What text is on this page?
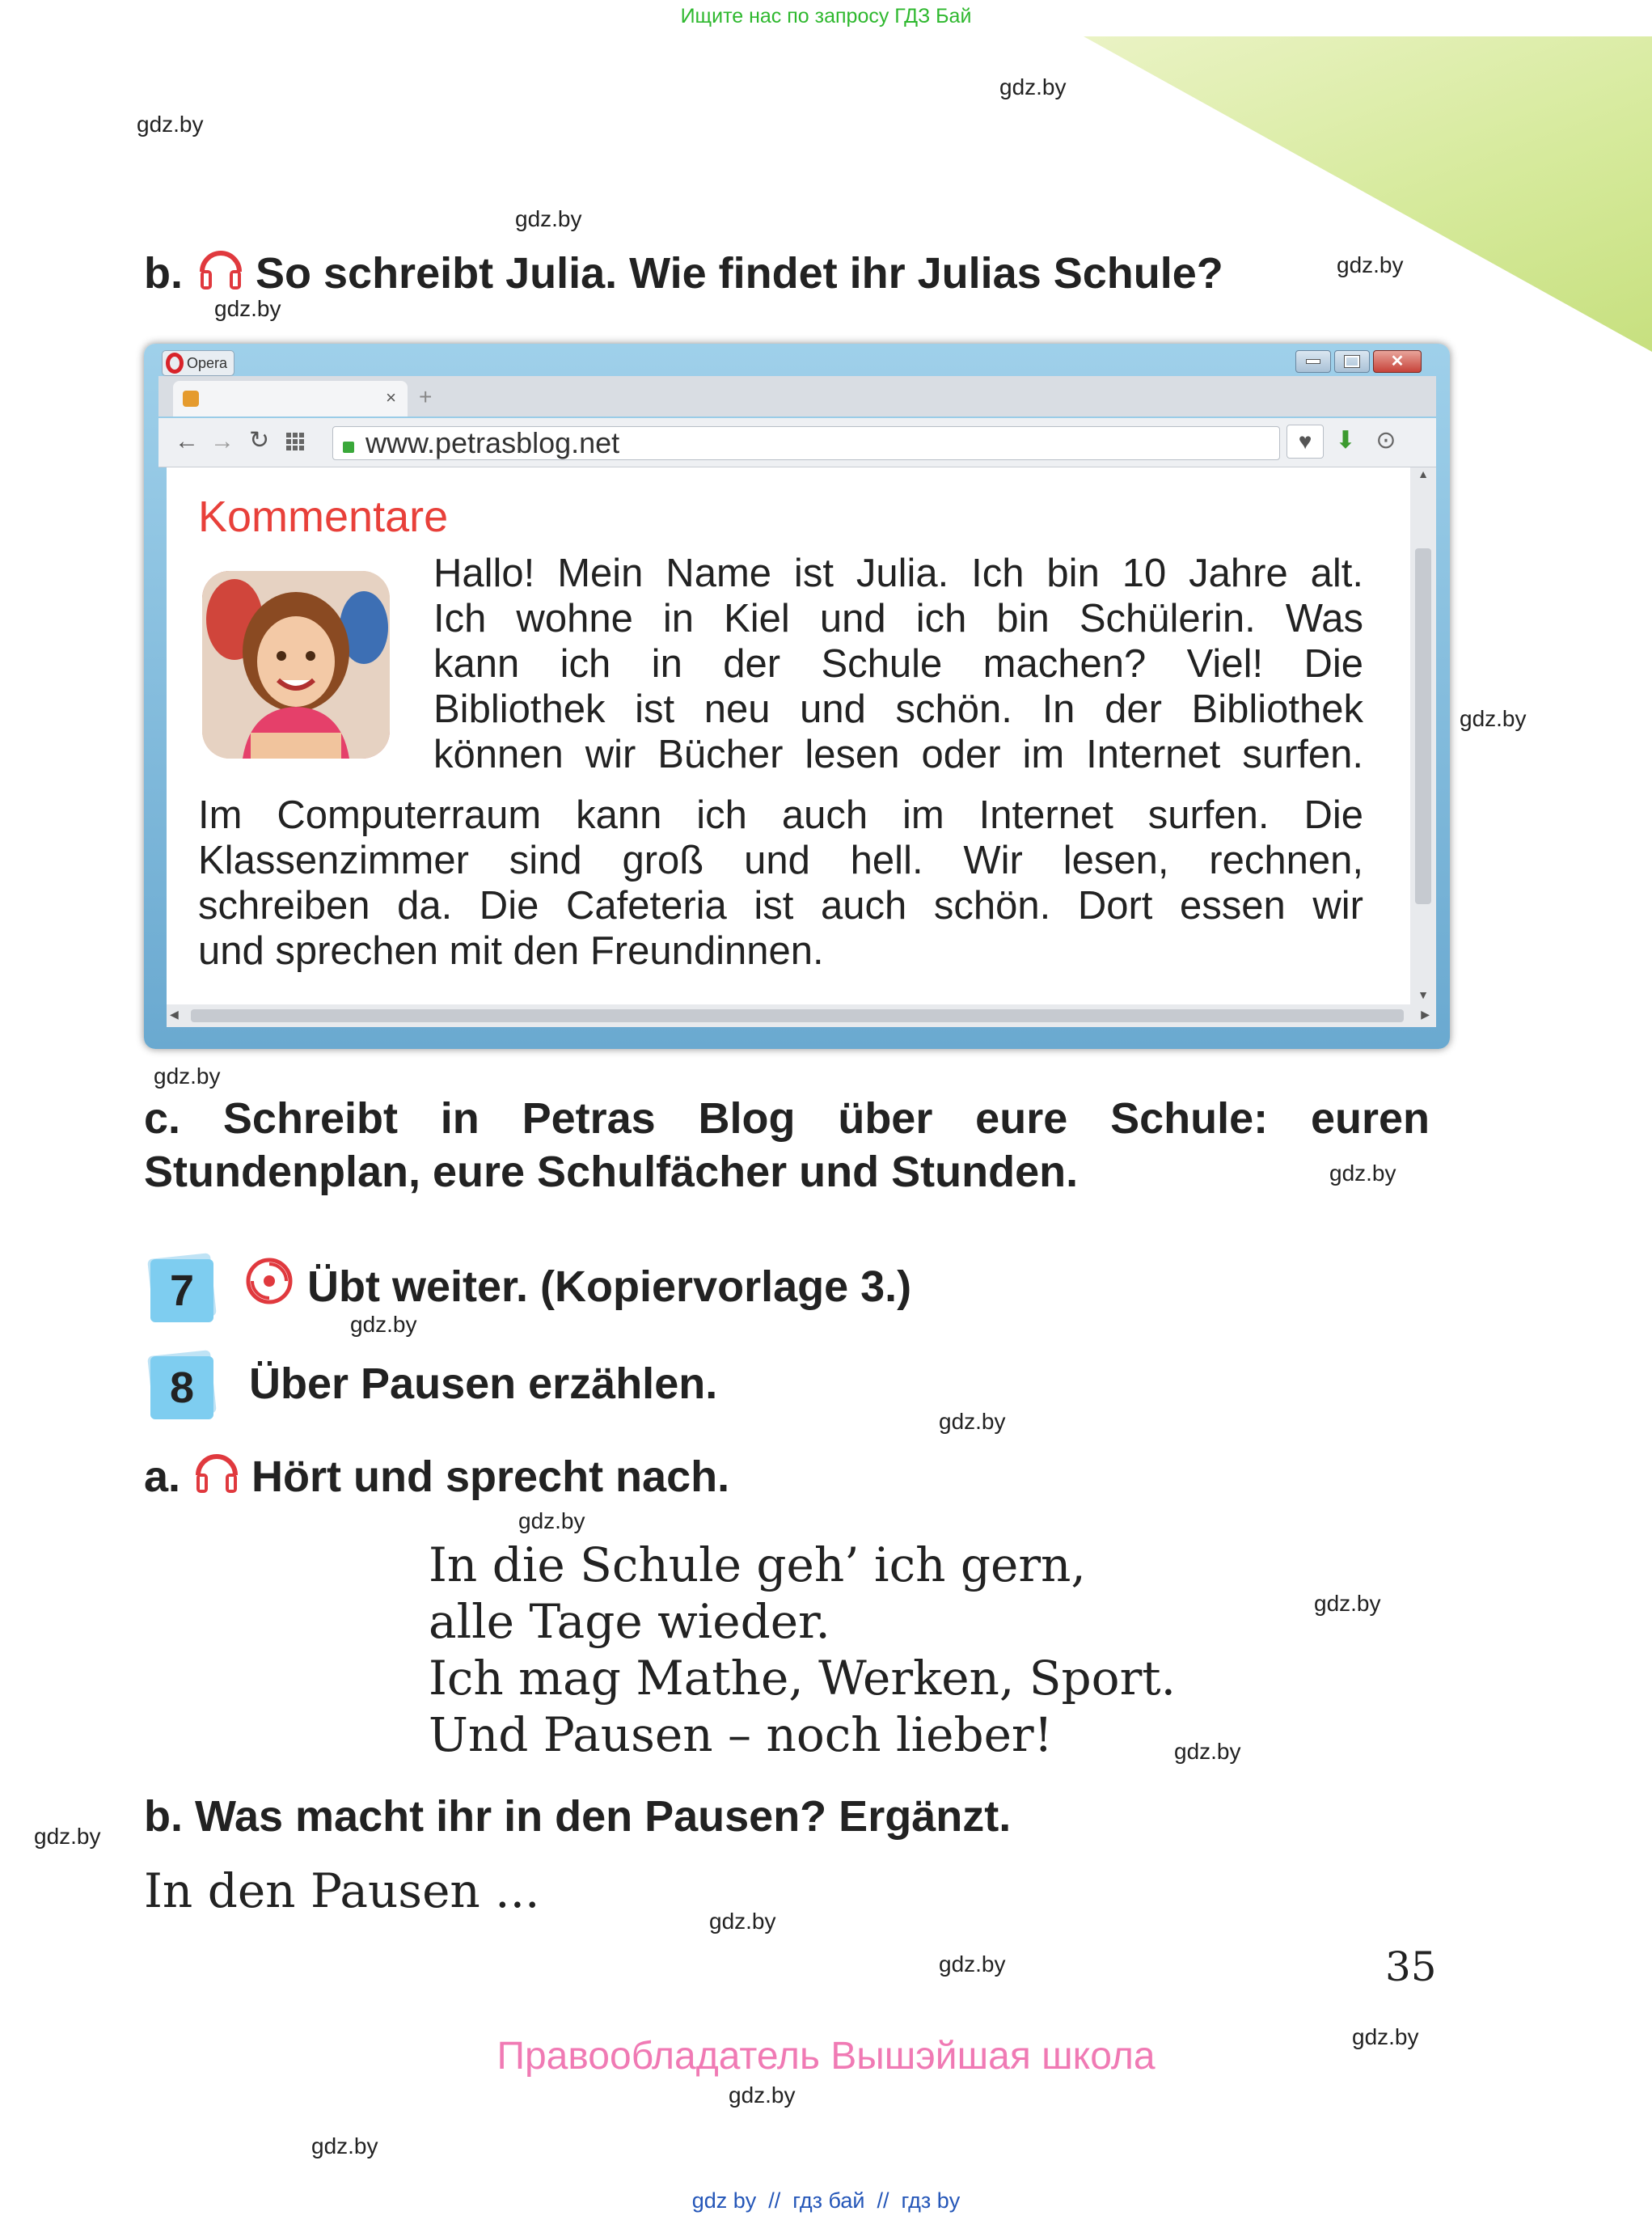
Ищите нас по запросу ГДЗ Бай
gdz.by
gdz.by
gdz.by
gdz.by
gdz.by
gdz.by
gdz.by
gdz.by
gdz.by
gdz.by
gdz.by
gdz.by
gdz.by
gdz.by
gdz.by
gdz.by
gdz.by
gdz.by
gdz.by
b. So schreibt Julia. Wie findet ihr Julias Schule?
Opera	✕
× +
← → ↻	www.petrasblog.net	♥ ⬇ ⊙
Kommentare
Hallo! Mein Name ist Julia. Ich bin 10 Jahre alt.
Ich wohne in Kiel und ich bin Schülerin. Was
kann ich in der Schule machen? Viel! Die
Bibliothek ist neu und schön. In der Bibliothek
können wir Bücher lesen oder im Internet surfen.
Im Computerraum kann ich auch im Internet surfen. Die
Klassenzimmer sind groß und hell. Wir lesen, rechnen,
schreiben da. Die Cafeteria ist auch schön. Dort essen wir
und sprechen mit den Freundinnen.
▲
▼
◀	▶
c. Schreibt in Petras Blog über eure Schule: euren
Stundenplan, eure Schulfächer und Stunden.
7	Übt weiter. (Kopiervorlage 3.)
8	Über Pausen erzählen.
a. Hört und sprecht nach.
In die Schule geh’ ich gern,
alle Tage wieder.
Ich mag Mathe, Werken, Sport.
Und Pausen – noch lieber!
b. Was macht ihr in den Pausen? Ergänzt.
In den Pausen ...
35
Правообладатель Вышэйшая школа
gdz by  //  гдз бай  //  гдз by
